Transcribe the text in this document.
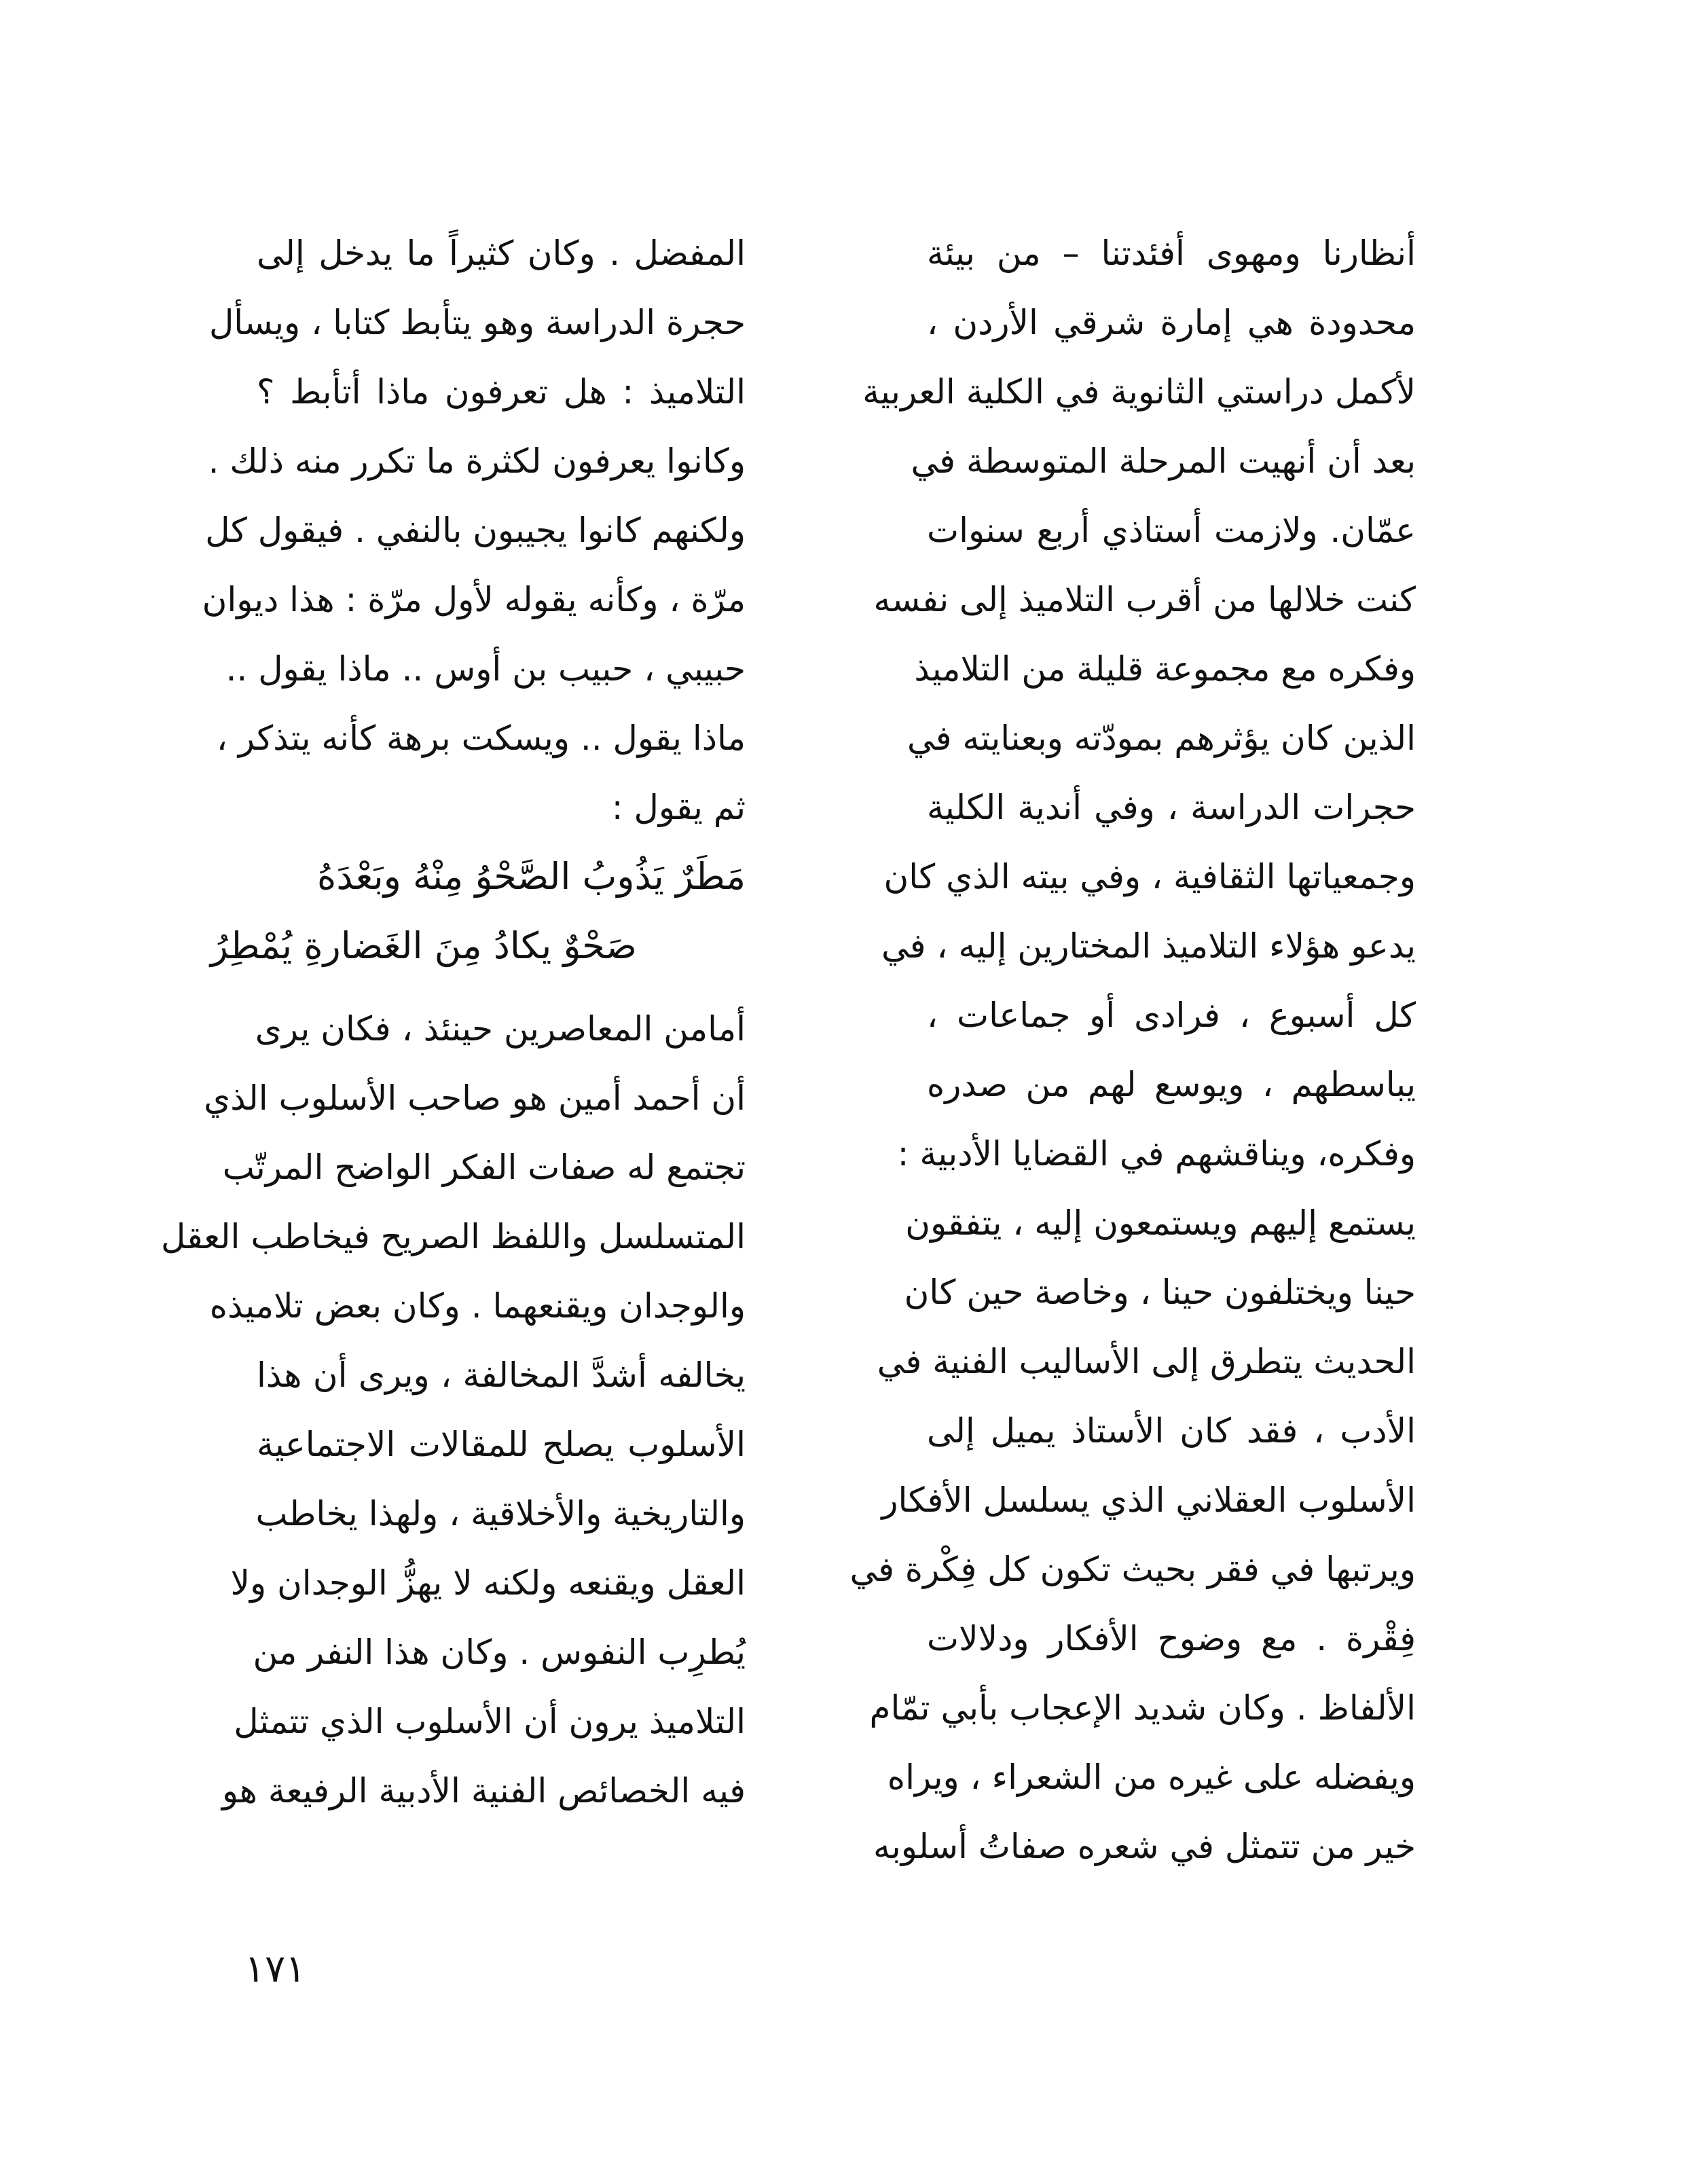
أنظارنا ومهوى أفئدتنا – من بيئة
محدودة هي إمارة شرقي الأردن ،
لأكمل دراستي الثانوية في الكلية العربية
بعد أن أنهيت المرحلة المتوسطة في
عمّان. ولازمت أستاذي أربع سنوات
كنت خلالها من أقرب التلاميذ إلى نفسه
وفكره مع مجموعة قليلة من التلاميذ
الذين كان يؤثرهم بمودّته وبعنايته في
حجرات الدراسة ، وفي أندية الكلية
وجمعياتها الثقافية ، وفي بيته الذي كان
يدعو هؤلاء التلاميذ المختارين إليه ، في
كل أسبوع ، فرادى أو جماعات ،
يباسطهم ، ويوسع لهم من صدره
وفكره، ويناقشهم في القضايا الأدبية :
يستمع إليهم ويستمعون إليه ، يتفقون
حينا ويختلفون حينا ، وخاصة حين كان
الحديث يتطرق إلى الأساليب الفنية في
الأدب ، فقد كان الأستاذ يميل إلى
الأسلوب العقلاني الذي يسلسل الأفكار
ويرتبها في فقر بحيث تكون كل فِكْرة في
فِقْرة . مع وضوح الأفكار ودلالات
الألفاظ . وكان شديد الإعجاب بأبي تمّام
ويفضله على غيره من الشعراء ، ويراه
خير من تتمثل في شعره صفاتُ أسلوبه
المفضل . وكان كثيراً ما يدخل إلى
حجرة الدراسة وهو يتأبط كتابا ، ويسأل
التلاميذ : هل تعرفون ماذا أتأبط ؟
وكانوا يعرفون لكثرة ما تكرر منه ذلك .
ولكنهم كانوا يجيبون بالنفي . فيقول كل
مرّة ، وكأنه يقوله لأول مرّة : هذا ديوان
حبيبي ، حبيب بن أوس .. ماذا يقول ..
ماذا يقول .. ويسكت برهة كأنه يتذكر ،
ثم يقول :
مَطَرٌ يَذُوبُ الصَّحْوُ مِنْهُ وبَعْدَهُ
صَحْوٌ يكادُ مِنَ الغَضارةِ يُمْطِرُ
أمامن المعاصرين حينئذ ، فكان يرى
أن أحمد أمين هو صاحب الأسلوب الذي
تجتمع له صفات الفكر الواضح المرتّب
المتسلسل واللفظ الصريح فيخاطب العقل
والوجدان ويقنعهما . وكان بعض تلاميذه
يخالفه أشدَّ المخالفة ، ويرى أن هذا
الأسلوب يصلح للمقالات الاجتماعية
والتاريخية والأخلاقية ، ولهذا يخاطب
العقل ويقنعه ولكنه لا يهزُّ الوجدان ولا
يُطرِب النفوس . وكان هذا النفر من
التلاميذ يرون أن الأسلوب الذي تتمثل
فيه الخصائص الفنية الأدبية الرفيعة هو
١٧١
